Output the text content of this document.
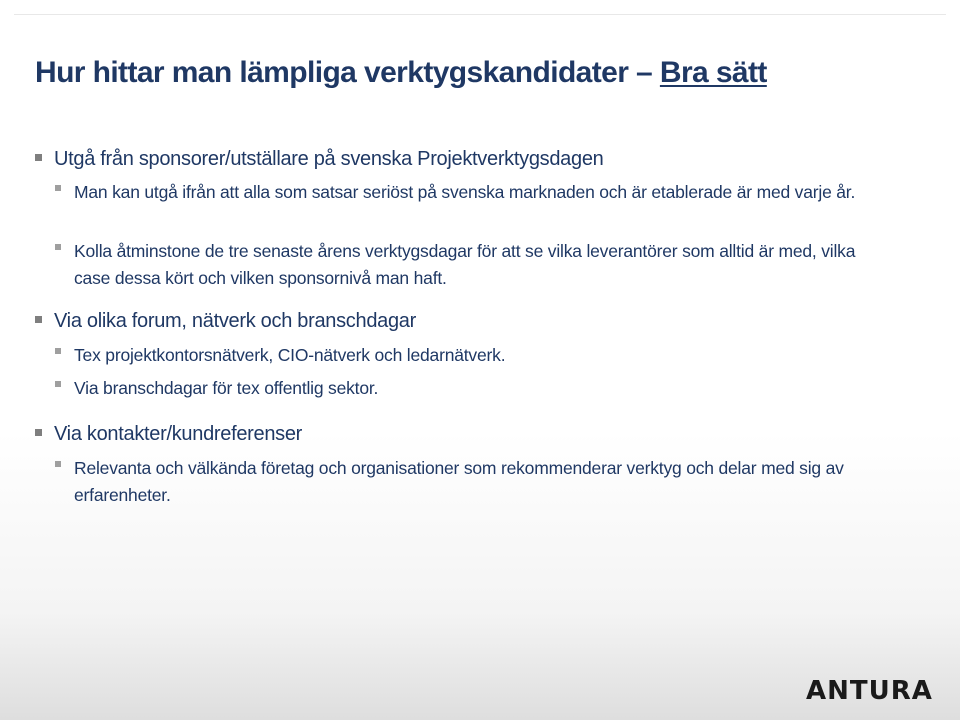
Hur hittar man lämpliga verktygskandidater – Bra sätt
Utgå från sponsorer/utställare på svenska Projektverktygsdagen
Man kan utgå ifrån att alla som satsar seriöst på svenska marknaden och är etablerade är med varje år.
Kolla åtminstone de tre senaste årens verktygsdagar för att se vilka leverantörer som alltid är med, vilka case dessa kört och vilken sponsornivå man haft.
Via olika forum, nätverk och branschdagar
Tex projektkontorsnätverk, CIO-nätverk och ledarnätverk.
Via branschdagar för tex offentlig sektor.
Via kontakter/kundreferenser
Relevanta och välkända företag och organisationer som rekommenderar verktyg och delar med sig av erfarenheter.
ANTURA
